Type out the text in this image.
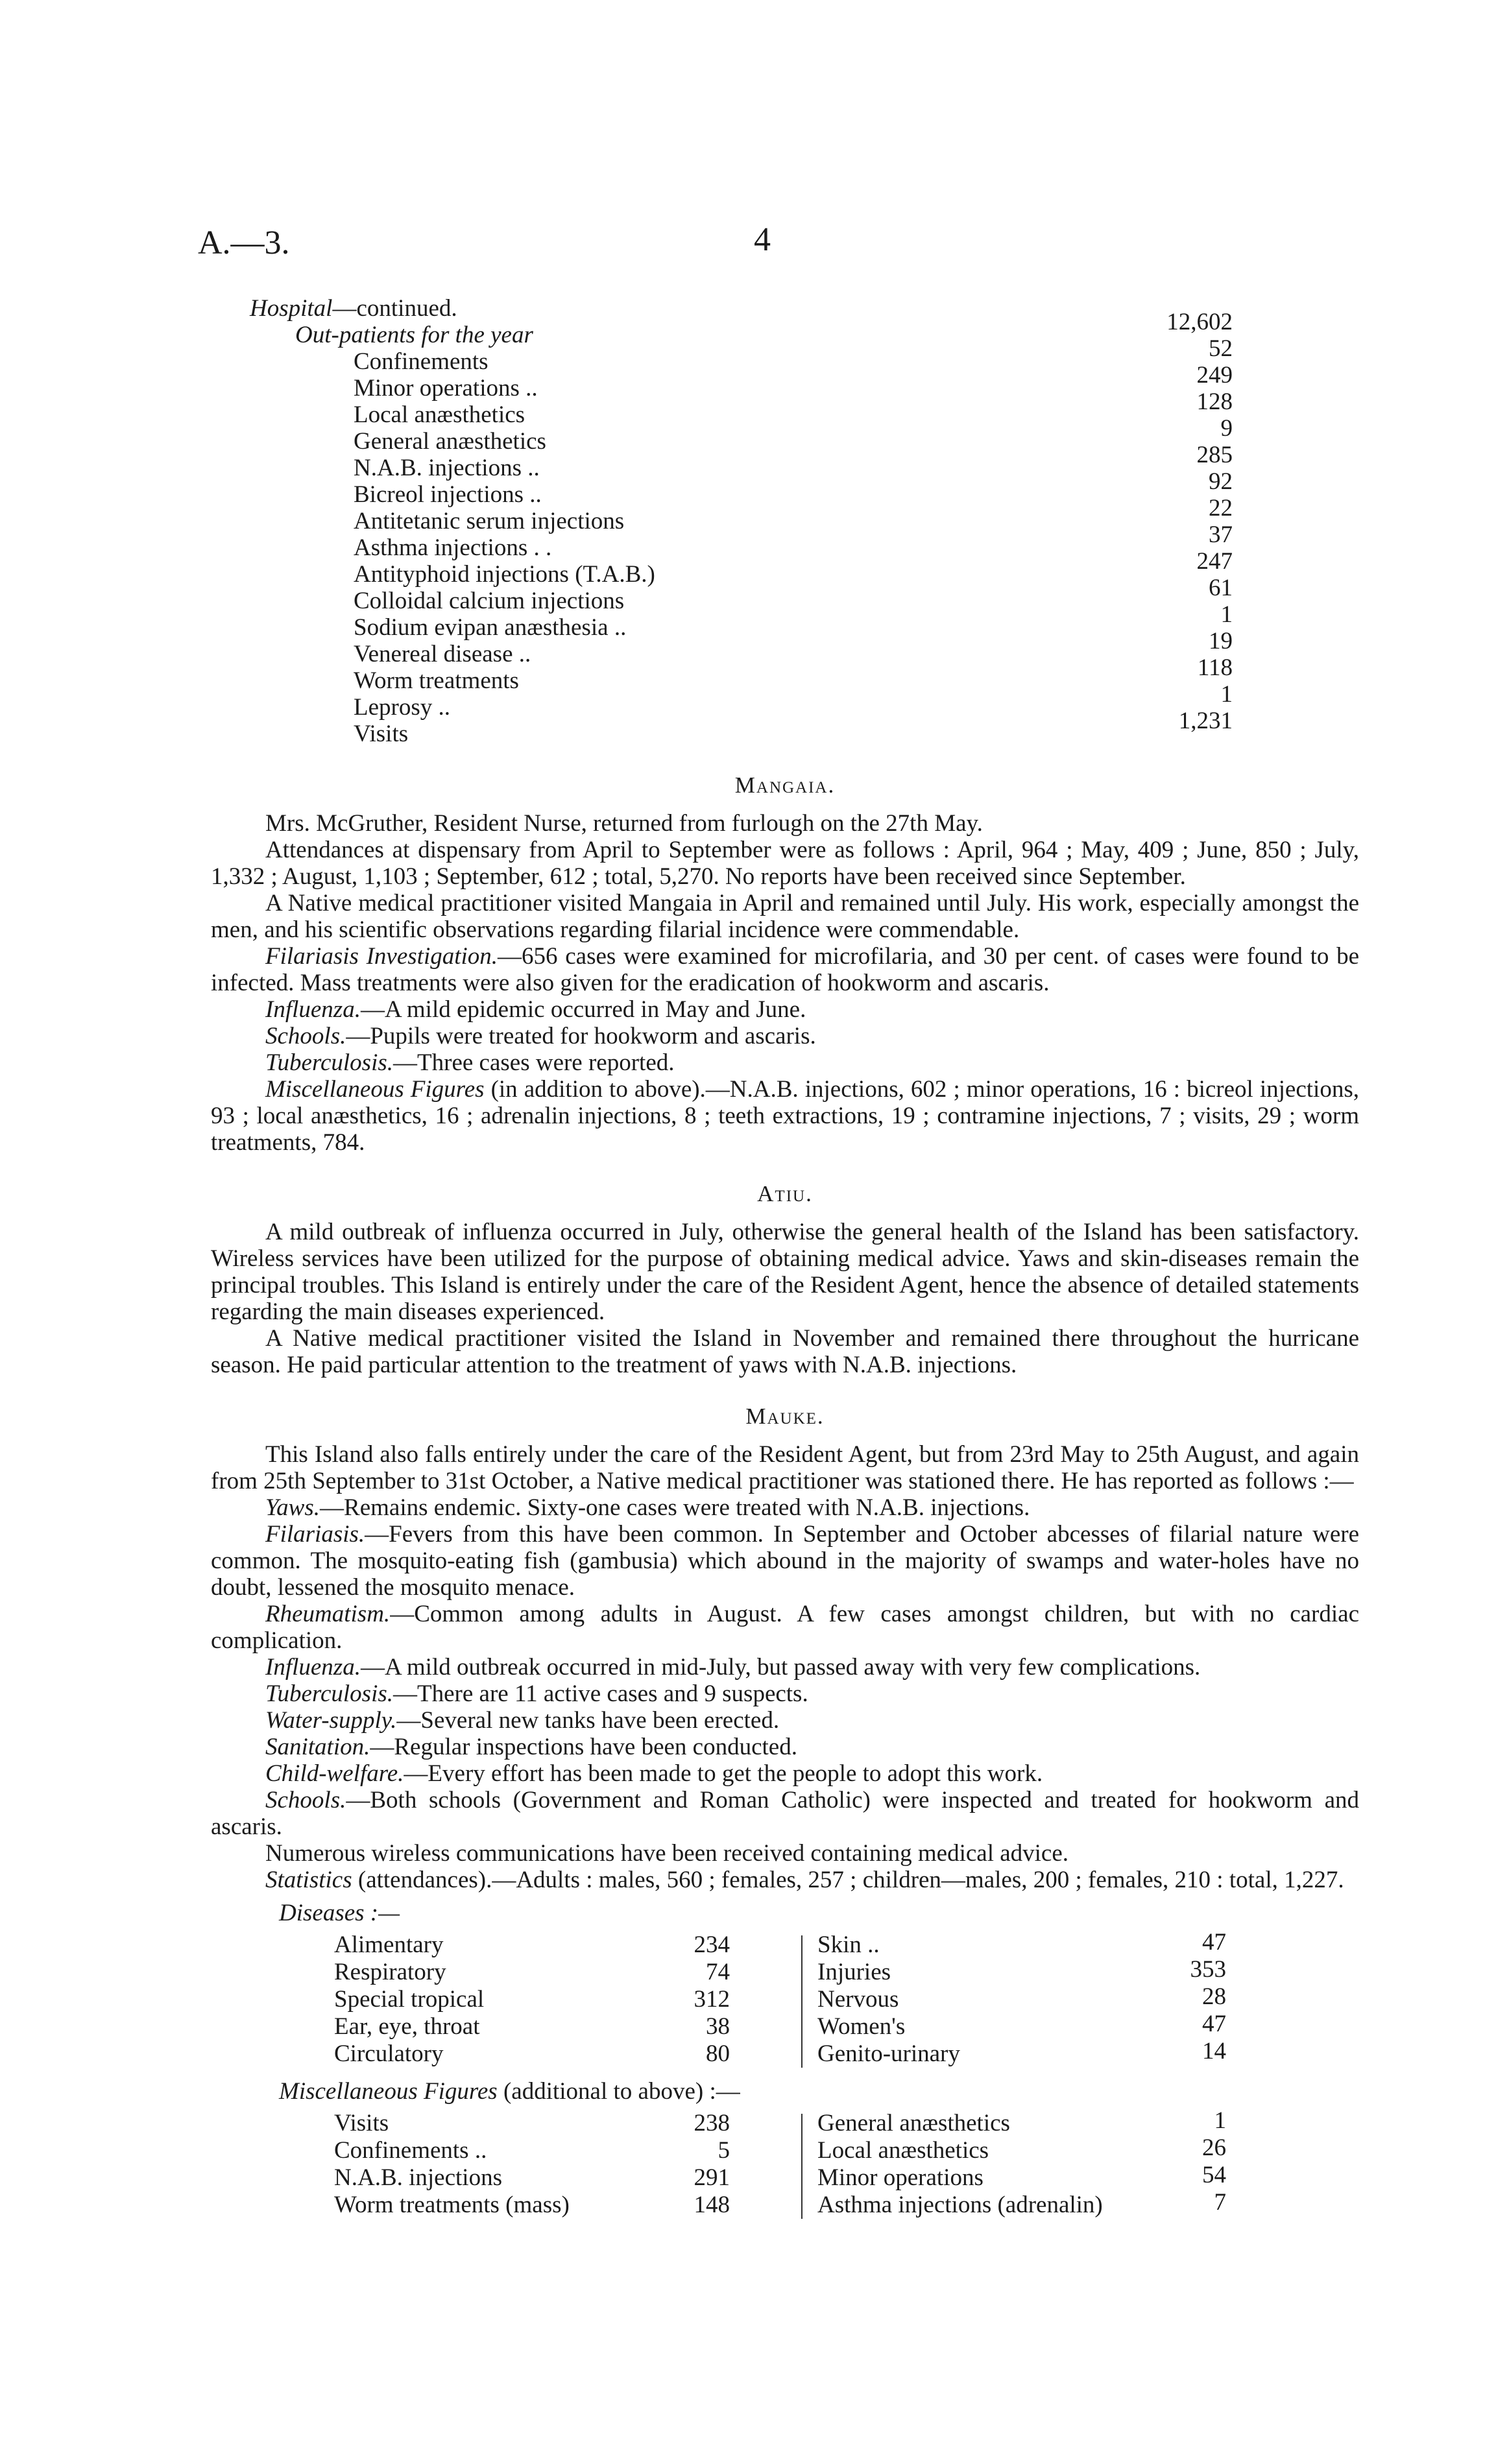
A.—3.	4
Hospital—continued.
Out-patients for the year	12,602
Confinements	52
Minor operations ..	249
Local anæsthetics	128
General anæsthetics	9
N.A.B. injections ..	285
Bicreol injections ..	92
Antitetanic serum injections	22
Asthma injections . .	37
Antityphoid injections (T.A.B.)	247
Colloidal calcium injections	61
Sodium evipan anæsthesia ..	1
Venereal disease ..	19
Worm treatments	118
Leprosy ..	1
Visits	1,231
Mangaia.

Mrs. McGruther, Resident Nurse, returned from furlough on the 27th May.

Attendances at dispensary from April to September were as follows : April, 964 ; May, 409 ; June, 850 ; July, 1,332 ; August, 1,103 ; September, 612 ; total, 5,270. No reports have been received since September.

A Native medical practitioner visited Mangaia in April and remained until July. His work, especially amongst the men, and his scientific observations regarding filarial incidence were commendable.

Filariasis Investigation.—656 cases were examined for microfilaria, and 30 per cent. of cases were found to be infected. Mass treatments were also given for the eradication of hookworm and ascaris.

Influenza.—A mild epidemic occurred in May and June.

Schools.—Pupils were treated for hookworm and ascaris.

Tuberculosis.—Three cases were reported.

Miscellaneous Figures (in addition to above).—N.A.B. injections, 602 ; minor operations, 16 : bicreol injections, 93 ; local anæsthetics, 16 ; adrenalin injections, 8 ; teeth extractions, 19 ; contramine injections, 7 ; visits, 29 ; worm treatments, 784.

Atiu.

A mild outbreak of influenza occurred in July, otherwise the general health of the Island has been satisfactory. Wireless services have been utilized for the purpose of obtaining medical advice. Yaws and skin-diseases remain the principal troubles. This Island is entirely under the care of the Resident Agent, hence the absence of detailed statements regarding the main diseases experienced.

A Native medical practitioner visited the Island in November and remained there throughout the hurricane season. He paid particular attention to the treatment of yaws with N.A.B. injections.

Mauke.

This Island also falls entirely under the care of the Resident Agent, but from 23rd May to 25th August, and again from 25th September to 31st October, a Native medical practitioner was stationed there. He has reported as follows :—

Yaws.—Remains endemic. Sixty-one cases were treated with N.A.B. injections.

Filariasis.—Fevers from this have been common. In September and October abcesses of filarial nature were common. The mosquito-eating fish (gambusia) which abound in the majority of swamps and water-holes have no doubt, lessened the mosquito menace.

Rheumatism.—Common among adults in August. A few cases amongst children, but with no cardiac complication.

Influenza.—A mild outbreak occurred in mid-July, but passed away with very few complications.

Tuberculosis.—There are 11 active cases and 9 suspects.

Water-supply.—Several new tanks have been erected.

Sanitation.—Regular inspections have been conducted.

Child-welfare.—Every effort has been made to get the people to adopt this work.

Schools.—Both schools (Government and Roman Catholic) were inspected and treated for hookworm and ascaris.

Numerous wireless communications have been received containing medical advice.

Statistics (attendances).—Adults : males, 560 ; females, 257 ; children—males, 200 ; females, 210 : total, 1,227.

Diseases :—
Alimentary	234	Skin ..	47
Respiratory	74	Injuries	353
Special tropical	312	Nervous	28
Ear, eye, throat	38	Women's	47
Circulatory	80	Genito-urinary	14
Miscellaneous Figures (additional to above) :—
Visits	238	General anæsthetics	1
Confinements ..	5	Local anæsthetics	26
N.A.B. injections	291	Minor operations	54
Worm treatments (mass)	148	Asthma injections (adrenalin)	7
